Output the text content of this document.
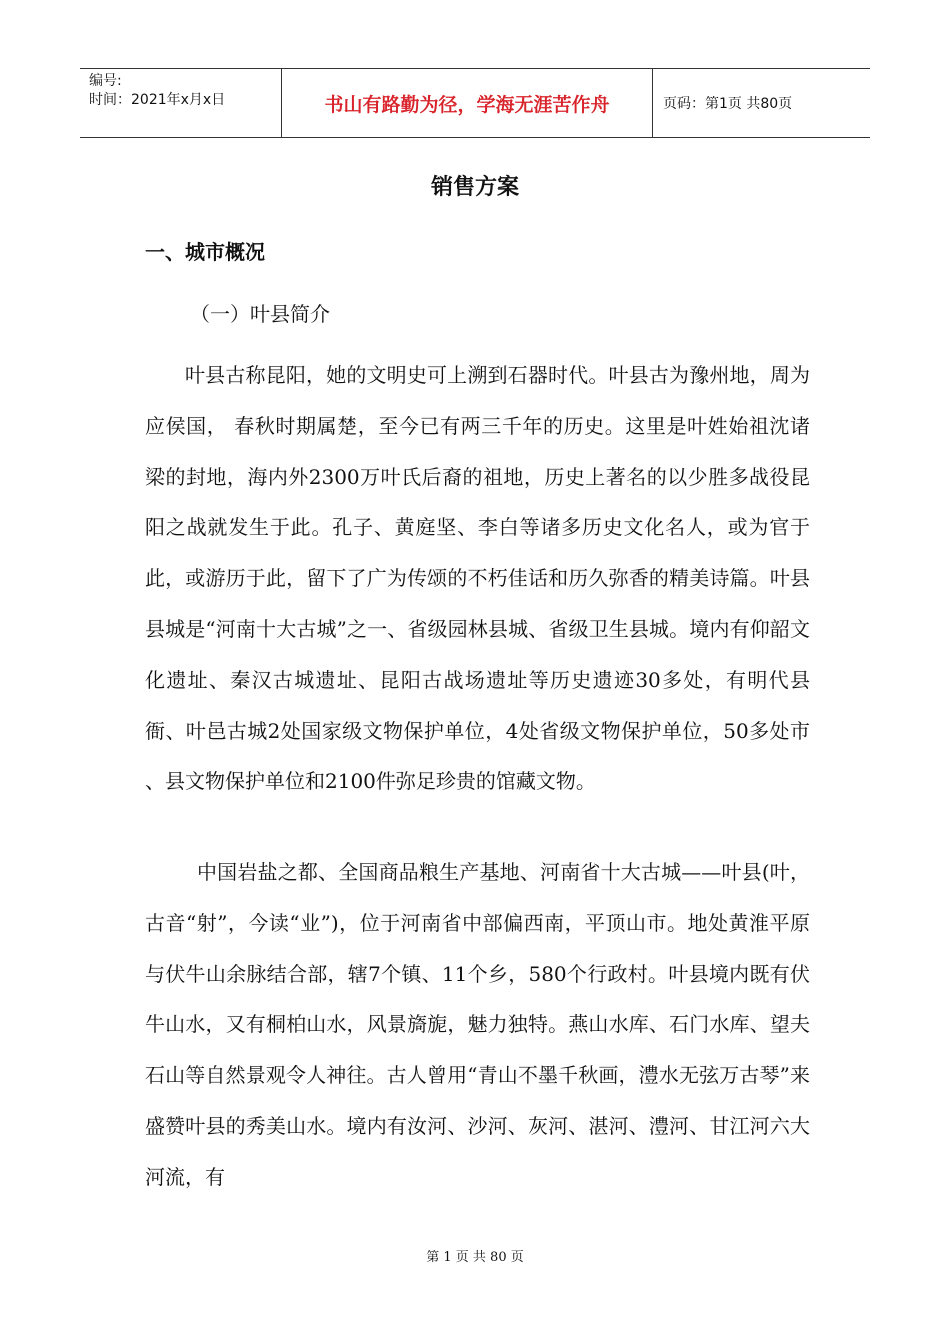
编号:
时间：2021年x月x日	书山有路勤为径，学海无涯苦作舟	页码：第1页 共80页
销售方案
一、城市概况
（一）叶县简介

叶县古称昆阳，她的文明史可上溯到石器时代。叶县古为豫州地，周为应侯国， 春秋时期属楚，至今已有两三千年的历史。这里是叶姓始祖沈诸梁的封地，海内外2300万叶氏后裔的祖地，历史上著名的以少胜多战役昆阳之战就发生于此。孔子、黄庭坚、李白等诸多历史文化名人，或为官于此，或游历于此，留下了广为传颂的不朽佳话和历久弥香的精美诗篇。叶县县城是“河南十大古城”之一、省级园林县城、省级卫生县城。境内有仰韶文化遗址、秦汉古城遗址、昆阳古战场遗址等历史遗迹30多处，有明代县衙、叶邑古城2处国家级文物保护单位，4处省级文物保护单位，50多处市 、县文物保护单位和2100件弥足珍贵的馆藏文物。

中国岩盐之都、全国商品粮生产基地、河南省十大古城——叶县(叶，古音“射”，今读“业”)，位于河南省中部偏西南，平顶山市。地处黄淮平原与伏牛山余脉结合部，辖7个镇、11个乡，580个行政村。叶县境内既有伏牛山水，又有桐柏山水，风景旖旎，魅力独特。燕山水库、石门水库、望夫石山等自然景观令人神往。古人曾用“青山不墨千秋画，澧水无弦万古琴”来盛赞叶县的秀美山水。境内有汝河、沙河、灰河、湛河、澧河、甘江河六大河流，有

第 1 页 共 80 页
